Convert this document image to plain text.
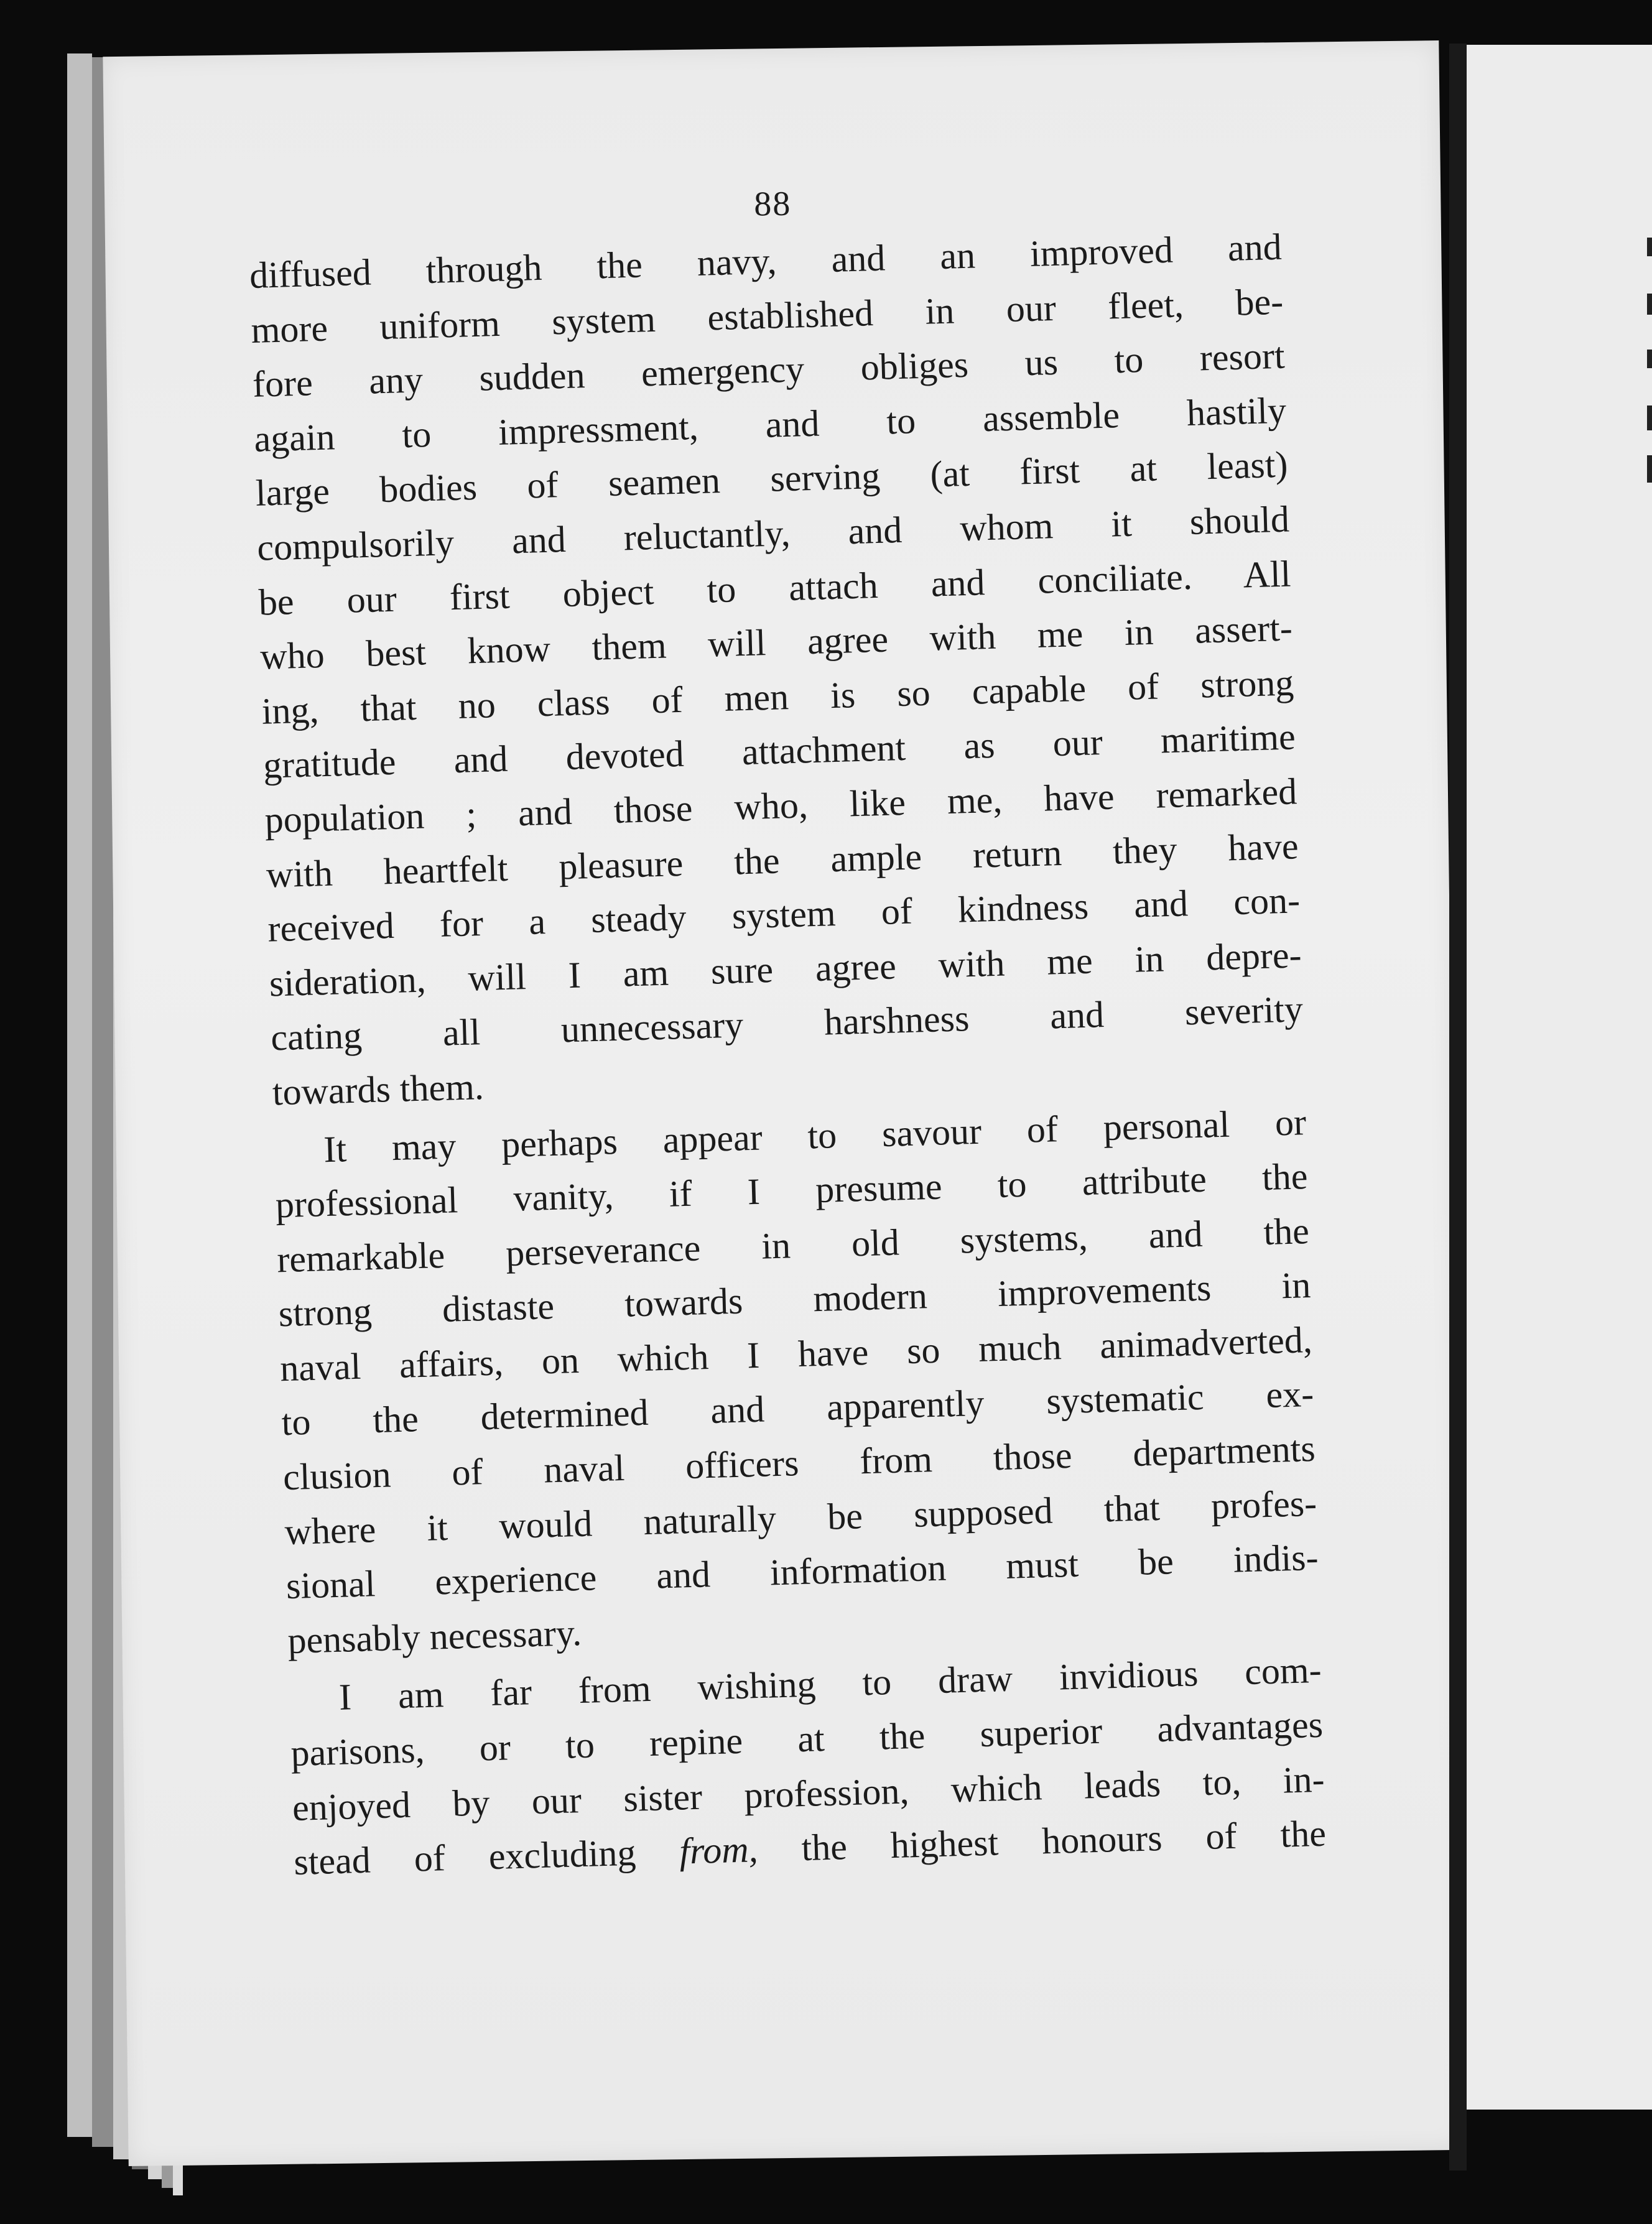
88
diffused through the navy, and an improved and
more uniform system established in our fleet, be-
fore any sudden emergency obliges us to resort
again to impressment, and to assemble hastily
large bodies of seamen serving (at first at least)
compulsorily and reluctantly, and whom it should
be our first object to attach and conciliate. All
who best know them will agree with me in assert-
ing, that no class of men is so capable of strong
gratitude and devoted attachment as our maritime
population ; and those who, like me, have remarked
with heartfelt pleasure the ample return they have
received for a steady system of kindness and con-
sideration, will I am sure agree with me in depre-
cating all unnecessary harshness and severity
towards them.
It may perhaps appear to savour of personal or
professional vanity, if I presume to attribute the
remarkable perseverance in old systems, and the
strong distaste towards modern improvements in
naval affairs, on which I have so much animadverted,
to the determined and apparently systematic ex-
clusion of naval officers from those departments
where it would naturally be supposed that profes-
sional experience and information must be indis-
pensably necessary.
I am far from wishing to draw invidious com-
parisons, or to repine at the superior advantages
enjoyed by our sister profession, which leads to, in-
stead of excluding from, the highest honours of the
